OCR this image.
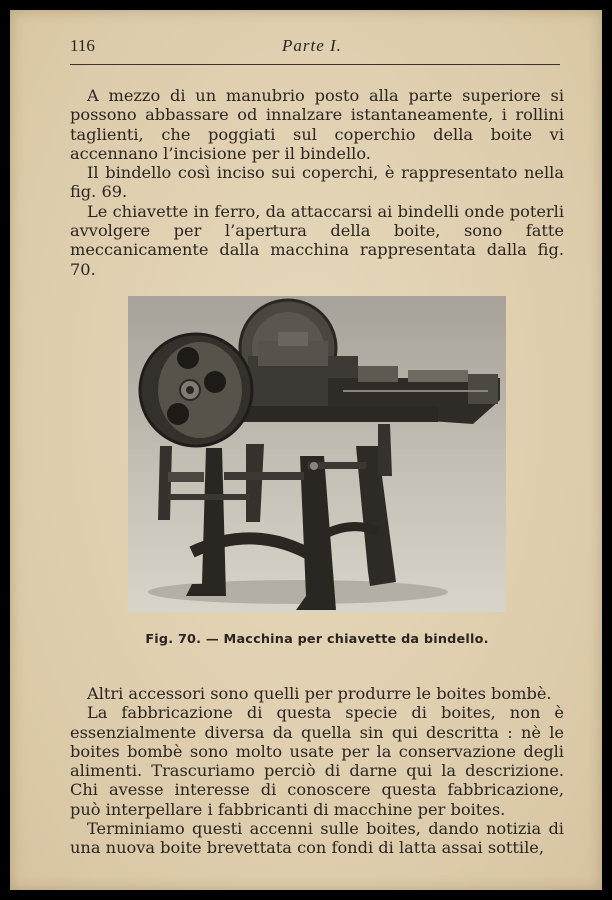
116	Parte I.

A mezzo di un manubrio posto alla parte superiore si possono abbassare od innalzare istantaneamente, i rollini taglienti, che poggiati sul coperchio della boite vi accennano l’incisione per il bindello.

Il bindello così inciso sui coperchi, è rappresentato nella fig. 69.

Le chiavette in ferro, da attaccarsi ai bindelli onde poterli avvolgere per l’apertura della boite, sono fatte meccanicamente dalla macchina rappresentata dalla fig. 70.

Fig. 70. — Macchina per chiavette da bindello.

Altri accessori sono quelli per produrre le boites bombè.

La fabbricazione di questa specie di boites, non è essenzialmente diversa da quella sin qui descritta : nè le boites bombè sono molto usate per la conservazione degli alimenti. Trascuriamo perciò di darne qui la descrizione. Chi avesse interesse di conoscere questa fabbricazione, può interpellare i fabbricanti di macchine per boites.

Terminiamo questi accenni sulle boites, dando notizia di una nuova boite brevettata con fondi di latta assai sottile,
